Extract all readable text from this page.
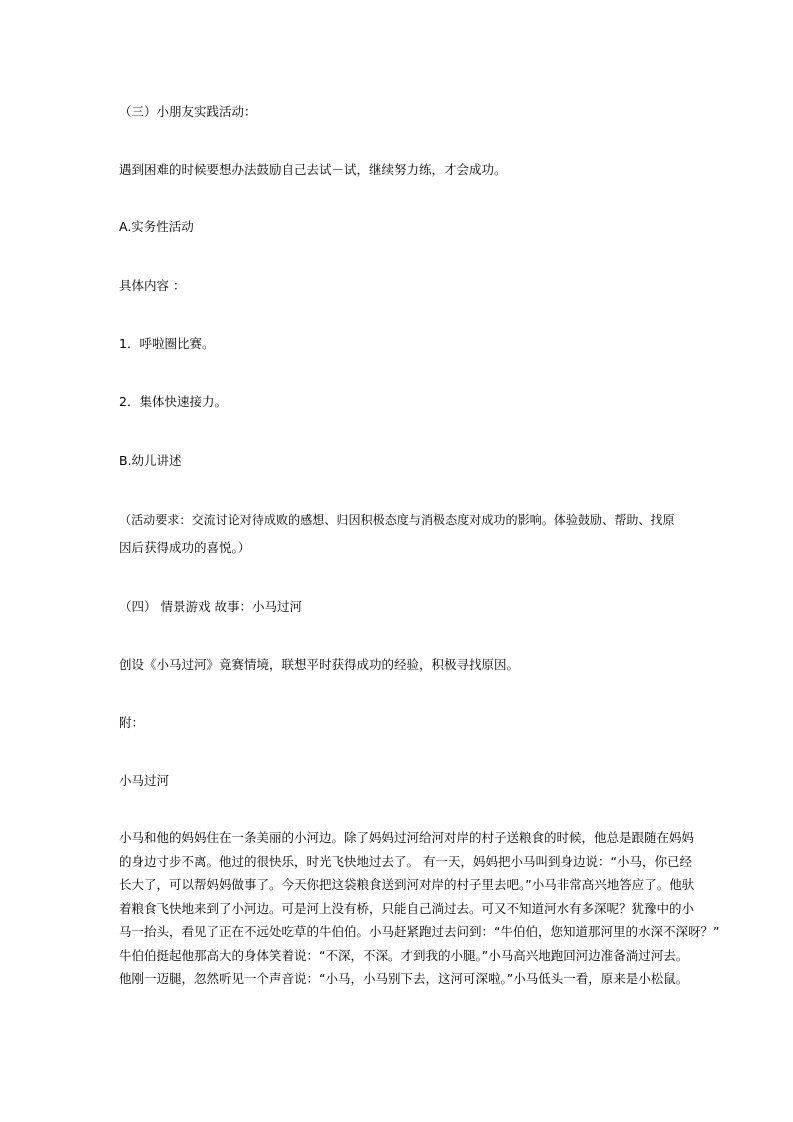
（三）小朋友实践活动：
遇到困难的时候要想办法鼓励自己去试－试，继续努力练，才会成功。
A.实务性活动
具体内容 ：
1．呼啦圈比赛。
2．集体快速接力。
B.幼儿讲述
（活动要求：交流讨论对待成败的感想、归因积极态度与消极态度对成功的影响。体验鼓励、帮助、找原
因后获得成功的喜悦。）
（四） 情景游戏 故事：小马过河
创设《小马过河》竟赛情境，联想平时获得成功的经验，积极寻找原因。
附：
小马过河
小马和他的妈妈住在一条美丽的小河边。除了妈妈过河给河对岸的村子送粮食的时候，他总是跟随在妈妈
的身边寸步不离。他过的很快乐，时光飞快地过去了。 有一天，妈妈把小马叫到身边说：“小马，你已经
长大了，可以帮妈妈做事了。今天你把这袋粮食送到河对岸的村子里去吧。”小马非常高兴地答应了。他驮
着粮食飞快地来到了小河边。可是河上没有桥，只能自己淌过去。可又不知道河水有多深呢？犹豫中的小
马一抬头，看见了正在不远处吃草的牛伯伯。小马赶紧跑过去问到：“牛伯伯，您知道那河里的水深不深呀？”
牛伯伯挺起他那高大的身体笑着说：“不深，不深。才到我的小腿。”小马高兴地跑回河边准备淌过河去。
他刚一迈腿，忽然听见一个声音说：“小马，小马别下去，这河可深啦。”小马低头一看，原来是小松鼠。
